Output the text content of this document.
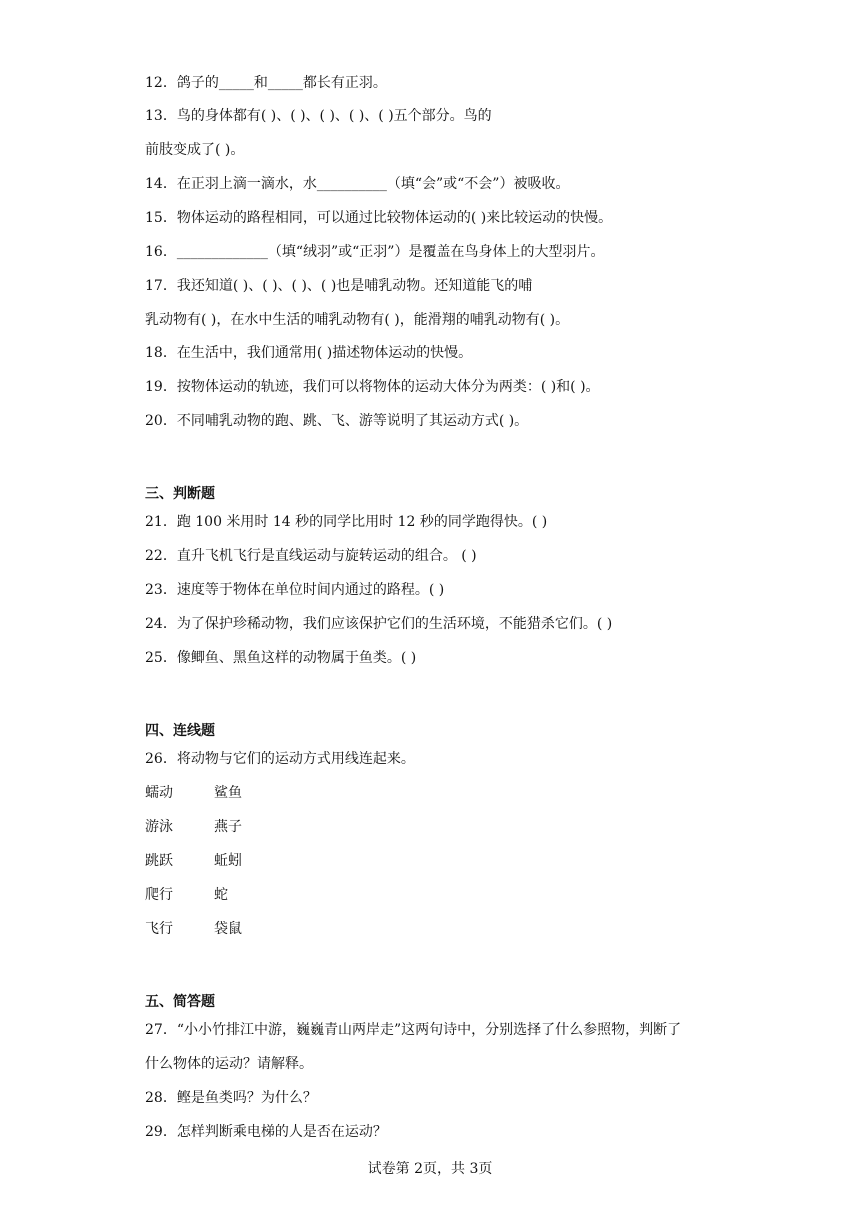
12．鸽子的_____和_____都长有正羽。
13．鸟的身体都有( )、( )、( )、( )、( )五个部分。鸟的
前肢变成了( )。
14．在正羽上滴一滴水，水__________（填“会”或“不会”）被吸收。
15．物体运动的路程相同，可以通过比较物体运动的( )来比较运动的快慢。
16．_____________（填“绒羽”或“正羽”）是覆盖在鸟身体上的大型羽片。
17．我还知道( )、( )、( )、( )也是哺乳动物。还知道能飞的哺
乳动物有( )，在水中生活的哺乳动物有( )，能滑翔的哺乳动物有( )。
18．在生活中，我们通常用( )描述物体运动的快慢。
19．按物体运动的轨迹，我们可以将物体的运动大体分为两类：( )和( )。
20．不同哺乳动物的跑、跳、飞、游等说明了其运动方式( )。
三、判断题
21．跑 100 米用时 14 秒的同学比用时 12 秒的同学跑得快。( )
22．直升飞机飞行是直线运动与旋转运动的组合。 ( )
23．速度等于物体在单位时间内通过的路程。( )
24．为了保护珍稀动物，我们应该保护它们的生活环境，不能猎杀它们。( )
25．像鲫鱼、黑鱼这样的动物属于鱼类。( )
四、连线题
26．将动物与它们的运动方式用线连起来。
蠕动	鲨鱼
游泳	燕子
跳跃	蚯蚓
爬行	蛇
飞行	袋鼠
五、简答题
27．“小小竹排江中游，巍巍青山两岸走”这两句诗中，分别选择了什么参照物，判断了
什么物体的运动？请解释。
28．鲣是鱼类吗？为什么？
29．怎样判断乘电梯的人是否在运动？
试卷第 2页，共 3页
